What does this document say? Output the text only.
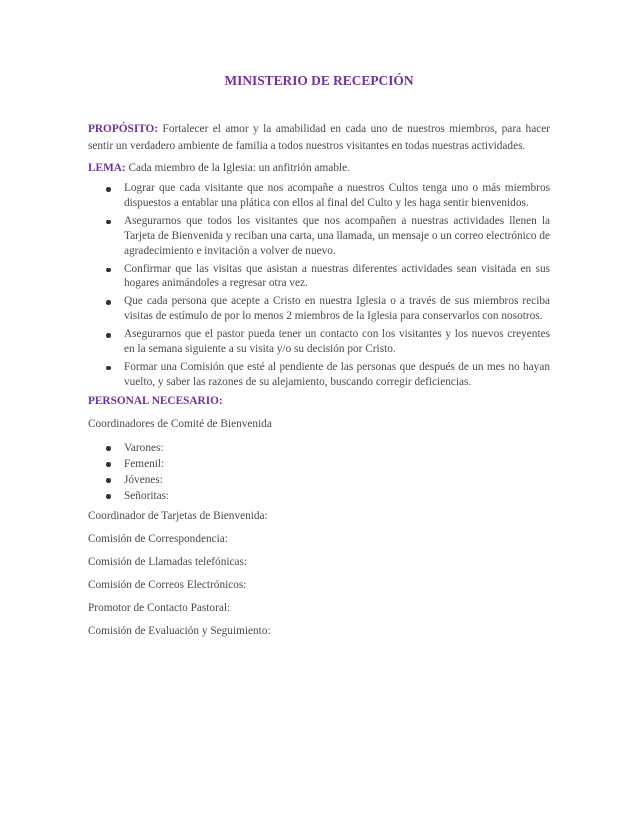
MINISTERIO DE RECEPCIÓN

PROPÓSITO: Fortalecer el amor y la amabilidad en cada uno de nuestros miembros, para hacer sentir un verdadero ambiente de familia a todos nuestros visitantes en todas nuestras actividades.

LEMA: Cada miembro de la Iglesia: un anfitrión amable.

Lograr que cada visitante que nos acompañe a nuestros Cultos tenga uno o más miembros dispuestos a entablar una plática con ellos al final del Culto y les haga sentir bienvenidos.
Asegurarnos que todos los visitantes que nos acompañen a nuestras actividades llenen la Tarjeta de Bienvenida y reciban una carta, una llamada, un mensaje o un correo electrónico de agradecimiento e invitación a volver de nuevo.
Confirmar que las visitas que asistan a nuestras diferentes actividades sean visitada en sus hogares animándoles a regresar otra vez.
Que cada persona que acepte a Cristo en nuestra Iglesia o a través de sus miembros reciba visitas de estímulo de por lo menos 2 miembros de la Iglesia para conservarlos con nosotros.
Asegurarnos que el pastor pueda tener un contacto con los visitantes y los nuevos creyentes en la semana siguiente a su visita y/o su decisión por Cristo.
Formar una Comisión que esté al pendiente de las personas que después de un mes no hayan vuelto, y saber las razones de su alejamiento, buscando corregir deficiencias.

PERSONAL NECESARIO:

Coordinadores de Comité de Bienvenida

Varones:
Femenil:
Jóvenes:
Señoritas:

Coordinador de Tarjetas de Bienvenida:

Comisión de Correspondencia:

Comisión de Llamadas telefónicas:

Comisión de Correos Electrónicos:

Promotor de Contacto Pastoral:

Comisión de Evaluación y Seguimiento:
